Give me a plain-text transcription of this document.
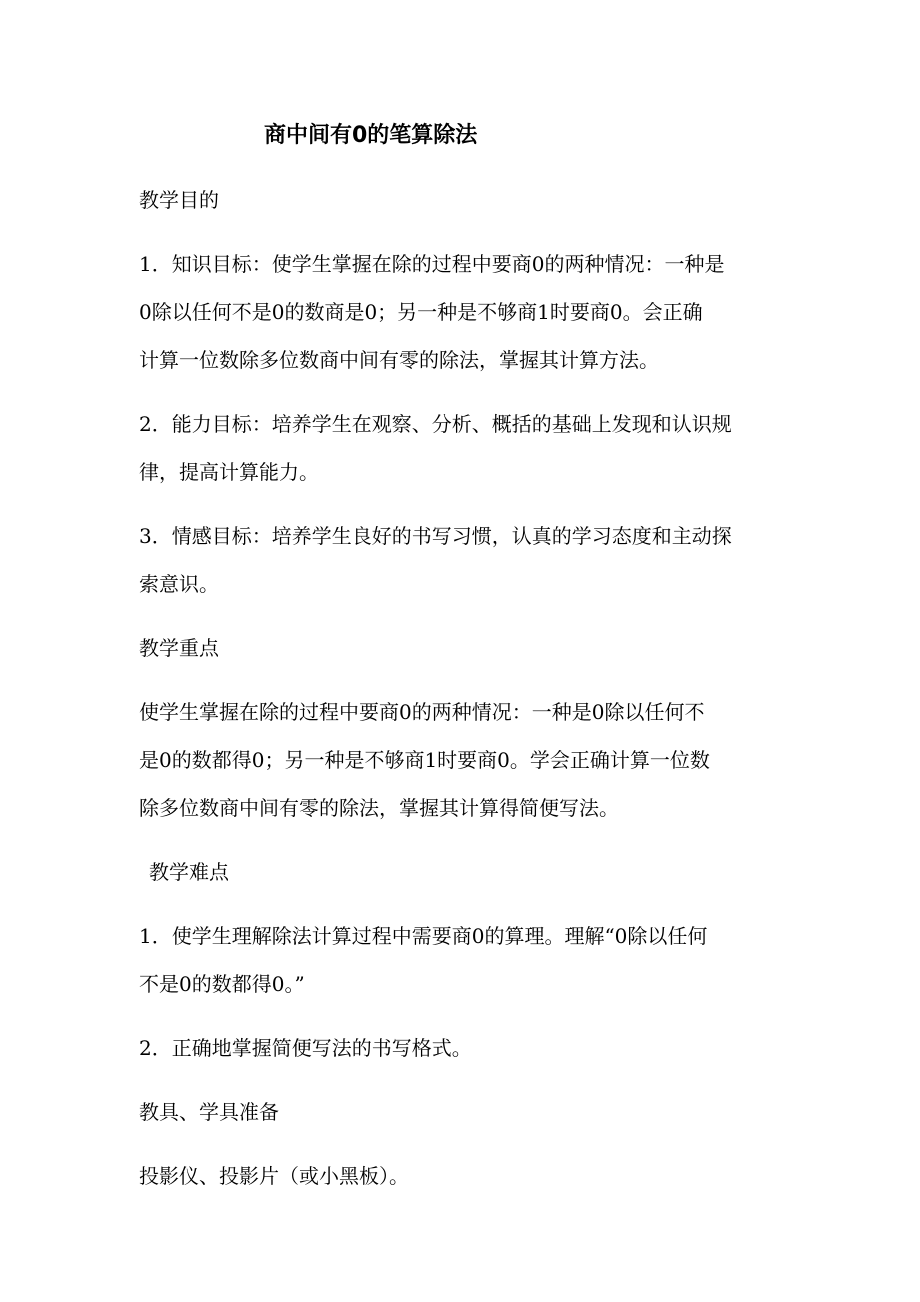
商中间有0的笔算除法
教学目的
1．知识目标：使学生掌握在除的过程中要商0的两种情况：一种是
0除以任何不是0的数商是0；另一种是不够商1时要商0。会正确
计算一位数除多位数商中间有零的除法，掌握其计算方法。
2．能力目标：培养学生在观察、分析、概括的基础上发现和认识规
律，提高计算能力。
3．情感目标：培养学生良好的书写习惯，认真的学习态度和主动探
索意识。
教学重点
使学生掌握在除的过程中要商0的两种情况：一种是0除以任何不
是0的数都得0；另一种是不够商1时要商0。学会正确计算一位数
除多位数商中间有零的除法，掌握其计算得简便写法。
教学难点
1．使学生理解除法计算过程中需要商0的算理。理解“0除以任何
不是0的数都得0。”
2．正确地掌握简便写法的书写格式。
教具、学具准备
投影仪、投影片（或小黑板）。
